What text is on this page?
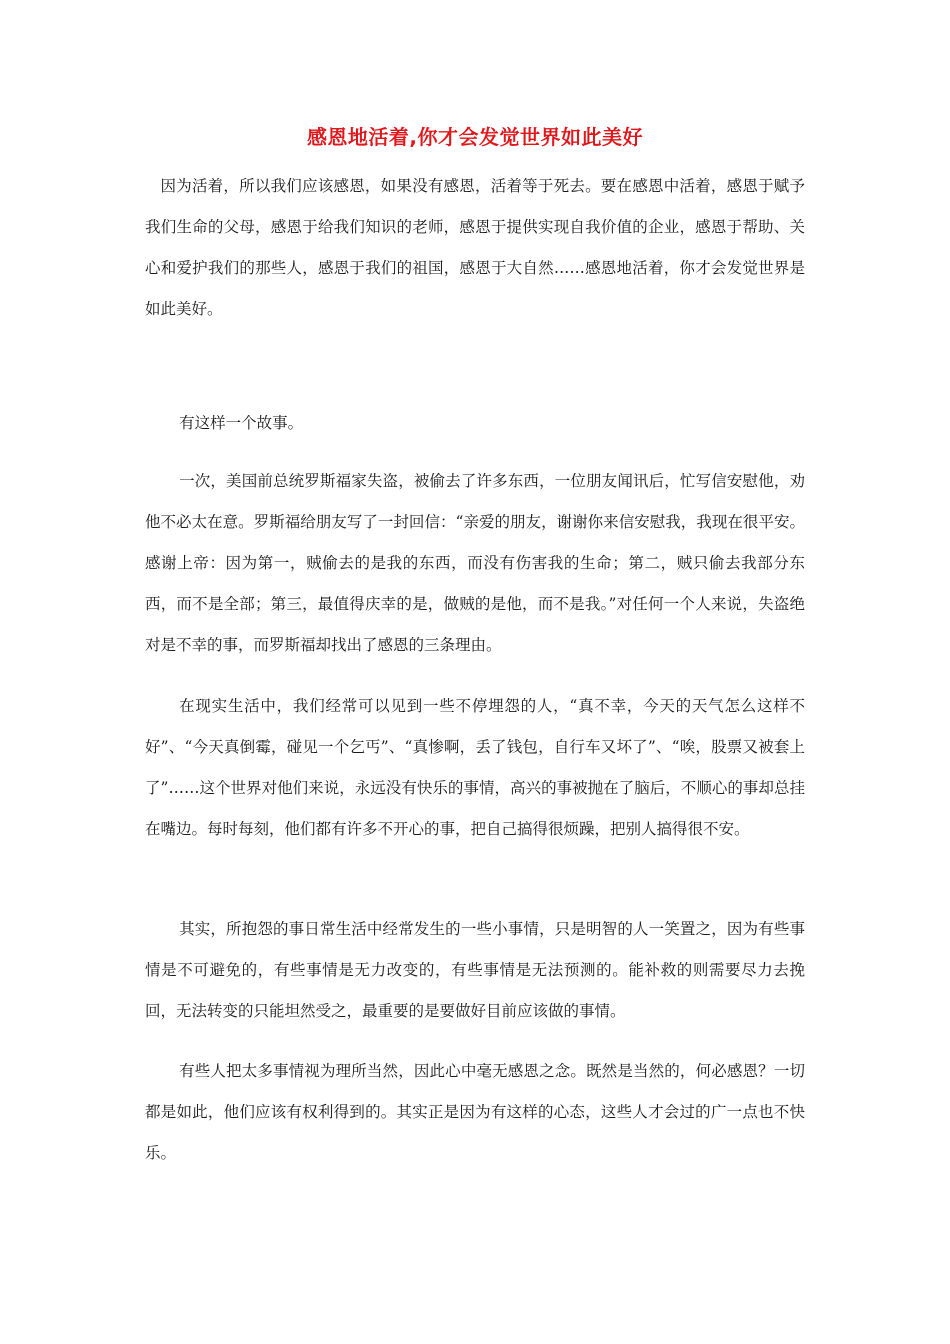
感恩地活着,你才会发觉世界如此美好

因为活着，所以我们应该感恩，如果没有感恩，活着等于死去。要在感恩中活着，感恩于赋予我们生命的父母，感恩于给我们知识的老师，感恩于提供实现自我价值的企业，感恩于帮助、关心和爱护我们的那些人，感恩于我们的祖国，感恩于大自然……感恩地活着，你才会发觉世界是如此美好。

有这样一个故事。

一次，美国前总统罗斯福家失盗，被偷去了许多东西，一位朋友闻讯后，忙写信安慰他，劝他不必太在意。罗斯福给朋友写了一封回信：“亲爱的朋友，谢谢你来信安慰我，我现在很平安。感谢上帝：因为第一，贼偷去的是我的东西，而没有伤害我的生命；第二，贼只偷去我部分东西，而不是全部；第三，最值得庆幸的是，做贼的是他，而不是我。”对任何一个人来说，失盗绝对是不幸的事，而罗斯福却找出了感恩的三条理由。

在现实生活中，我们经常可以见到一些不停埋怨的人，“真不幸，今天的天气怎么这样不好”、“今天真倒霉，碰见一个乞丐”、“真惨啊，丢了钱包，自行车又坏了”、“唉，股票又被套上了”……这个世界对他们来说，永远没有快乐的事情，高兴的事被抛在了脑后，不顺心的事却总挂在嘴边。每时每刻，他们都有许多不开心的事，把自己搞得很烦躁，把别人搞得很不安。

其实，所抱怨的事日常生活中经常发生的一些小事情，只是明智的人一笑置之，因为有些事情是不可避免的，有些事情是无力改变的，有些事情是无法预测的。能补救的则需要尽力去挽回，无法转变的只能坦然受之，最重要的是要做好目前应该做的事情。

有些人把太多事情视为理所当然，因此心中毫无感恩之念。既然是当然的，何必感恩？一切都是如此，他们应该有权利得到的。其实正是因为有这样的心态，这些人才会过的广一点也不快乐。
